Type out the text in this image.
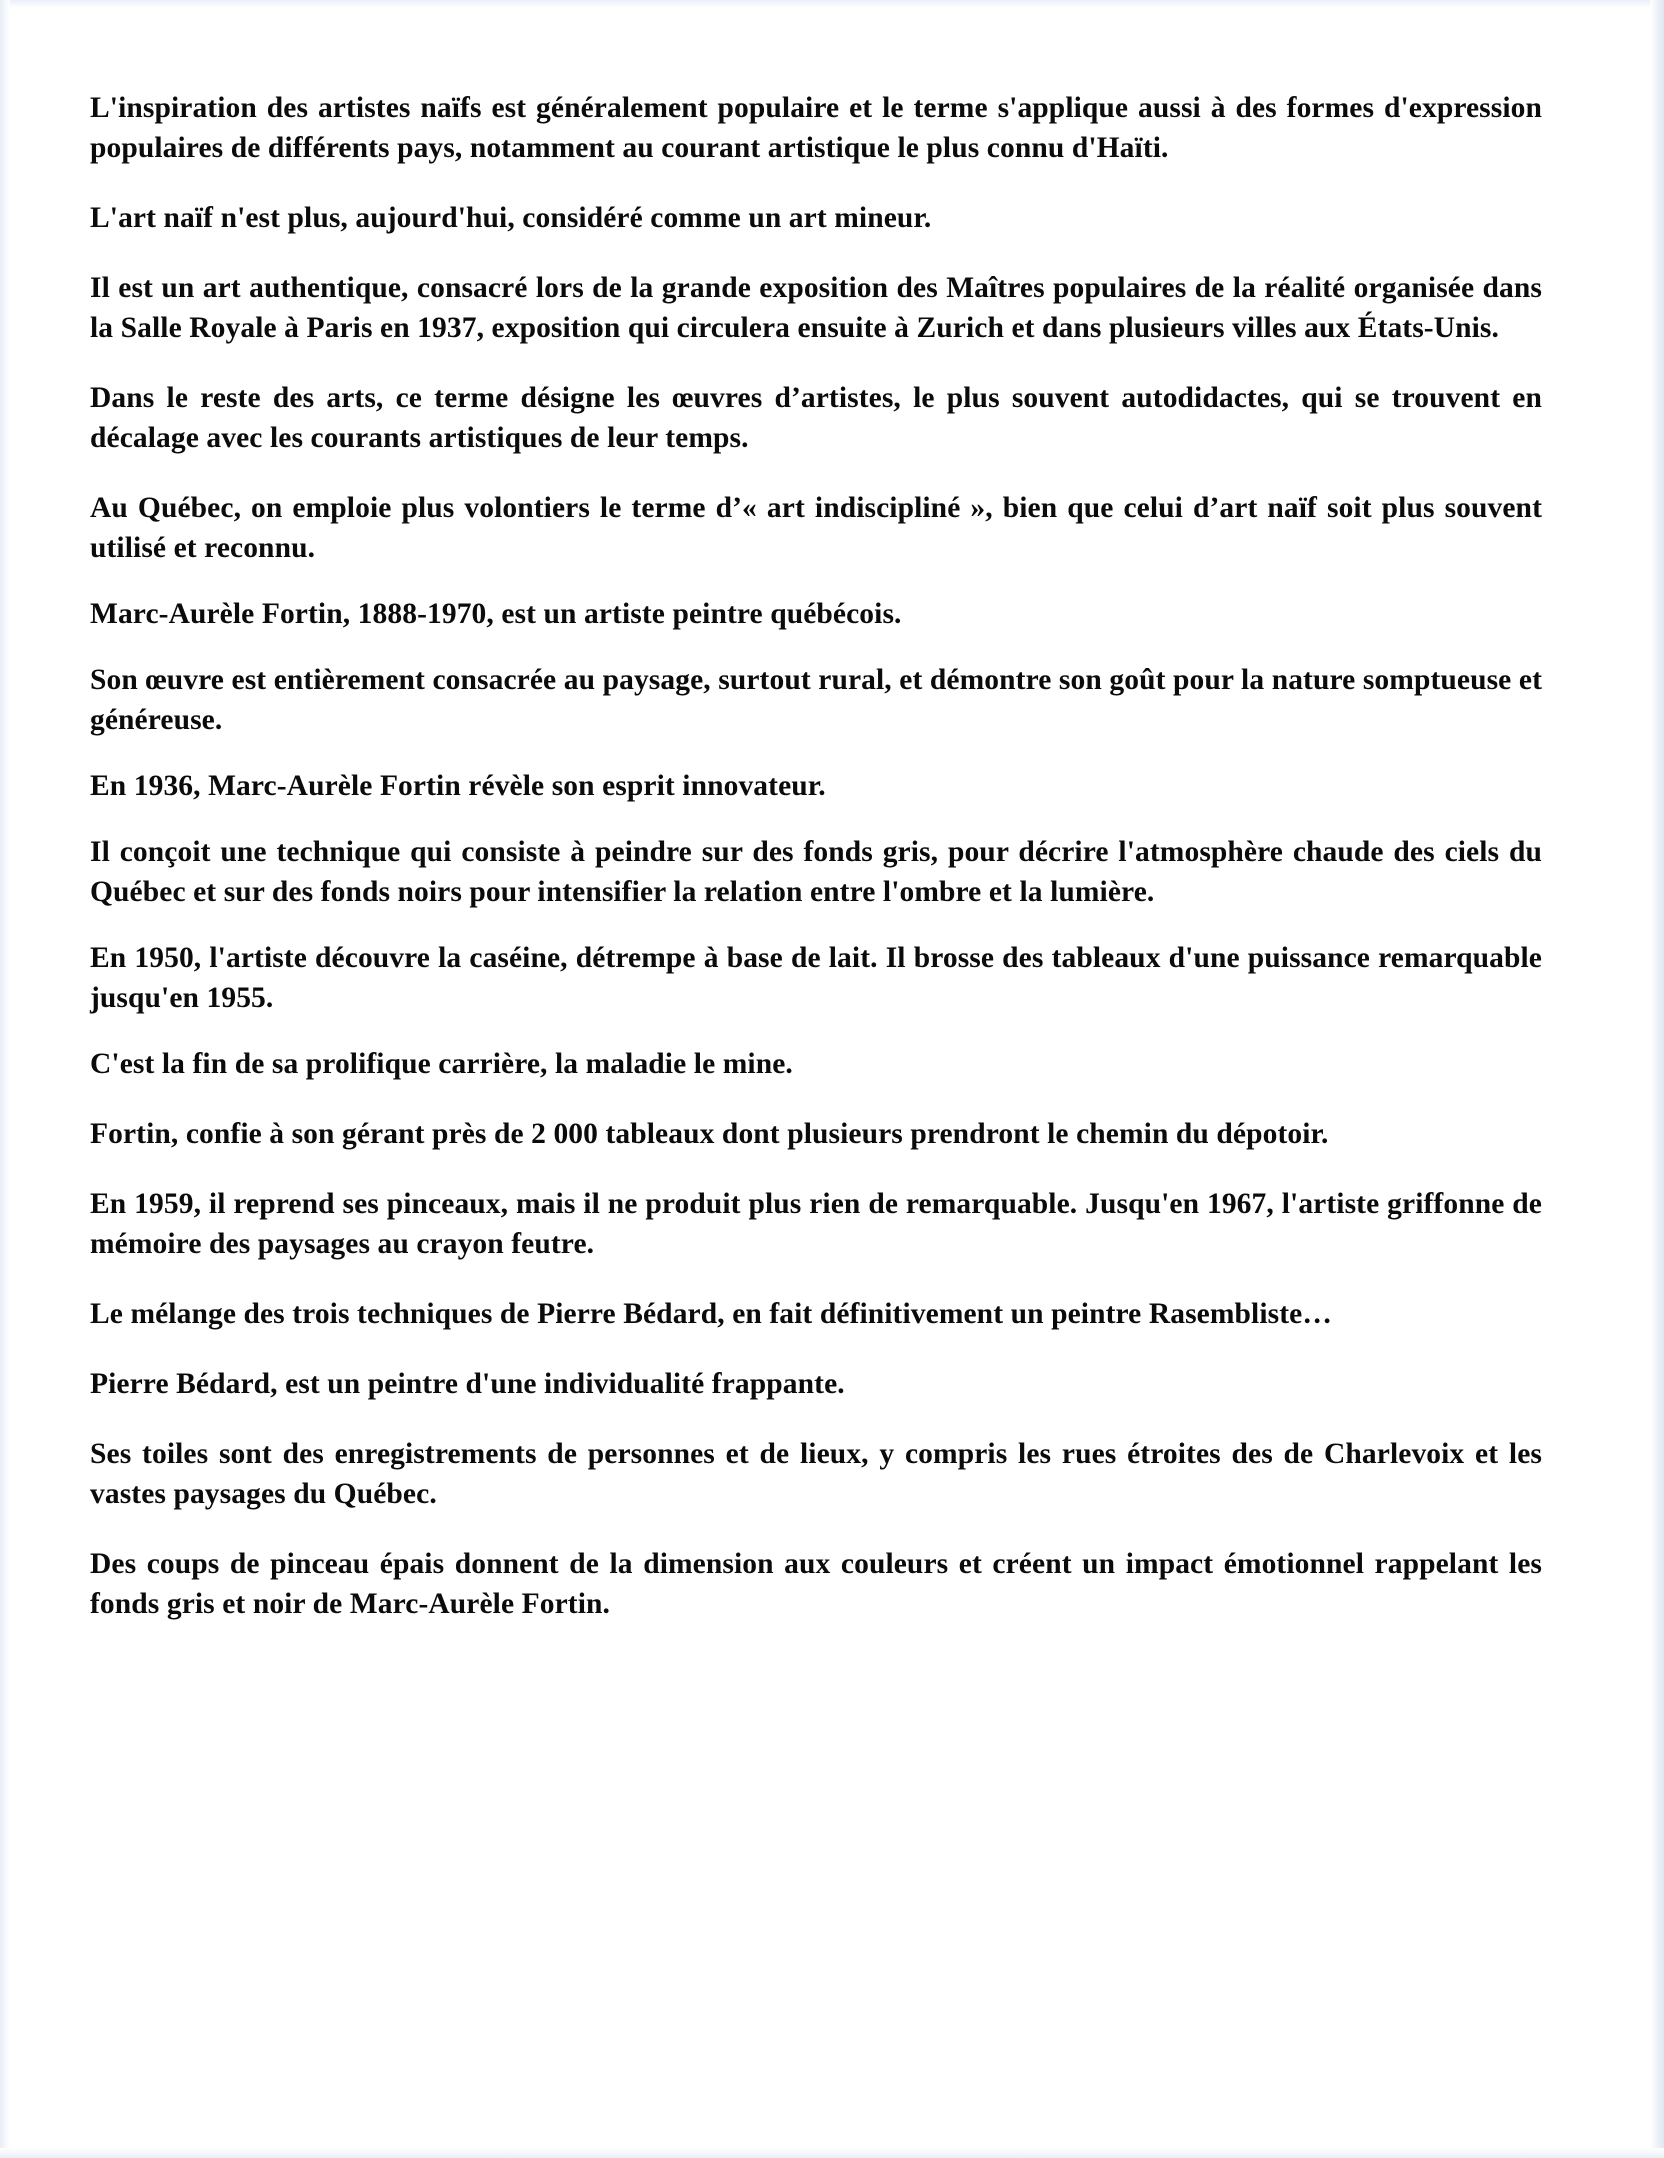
L'inspiration des artistes naïfs est généralement populaire et le terme s'applique aussi à des formes d'expression populaires de différents pays, notamment au courant artistique le plus connu d'Haïti.

L'art naïf n'est plus, aujourd'hui, considéré comme un art mineur.

Il est un art authentique, consacré lors de la grande exposition des Maîtres populaires de la réalité organisée dans la Salle Royale à Paris en 1937, exposition qui circulera ensuite à Zurich et dans plusieurs villes aux États-Unis.

Dans le reste des arts, ce terme désigne les œuvres d’artistes, le plus souvent autodidactes, qui se trouvent en décalage avec les courants artistiques de leur temps.

Au Québec, on emploie plus volontiers le terme d’« art indiscipliné », bien que celui d’art naïf soit plus souvent utilisé et reconnu.

Marc-Aurèle Fortin, 1888-1970, est un artiste peintre québécois.

Son œuvre est entièrement consacrée au paysage, surtout rural, et démontre son goût pour la nature somptueuse et généreuse.

En 1936, Marc-Aurèle Fortin révèle son esprit innovateur.

Il conçoit une technique qui consiste à peindre sur des fonds gris, pour décrire l'atmosphère chaude des ciels du Québec et sur des fonds noirs pour intensifier la relation entre l'ombre et la lumière.

En 1950, l'artiste découvre la caséine, détrempe à base de lait. Il brosse des tableaux d'une puissance remarquable jusqu'en 1955.

C'est la fin de sa prolifique carrière, la maladie le mine.

Fortin, confie à son gérant près de 2 000 tableaux dont plusieurs prendront le chemin du dépotoir.

En 1959, il reprend ses pinceaux, mais il ne produit plus rien de remarquable. Jusqu'en 1967, l'artiste griffonne de mémoire des paysages au crayon feutre.

Le mélange des trois techniques de Pierre Bédard, en fait définitivement un peintre Rasembliste…

Pierre Bédard, est un peintre d'une individualité frappante.

Ses toiles sont des enregistrements de personnes et de lieux, y compris les rues étroites des de Charlevoix et les vastes paysages du Québec.

Des coups de pinceau épais donnent de la dimension aux couleurs et créent un impact émotionnel rappelant les fonds gris et noir de Marc-Aurèle Fortin.
